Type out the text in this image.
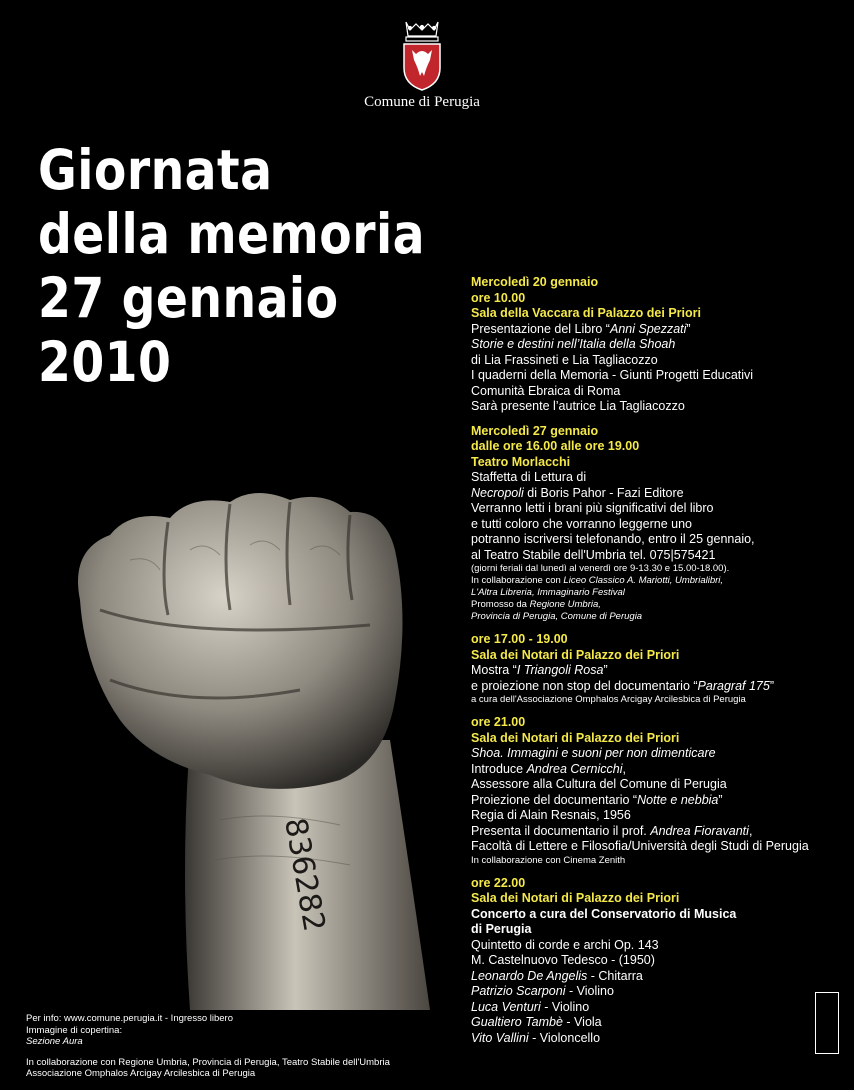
Comune di Perugia
Giornata
della memoria
27 gennaio
2010
836282
Mercoledì 20 gennaio
ore 10.00
Sala della Vaccara di Palazzo dei Priori
Presentazione del Libro “Anni Spezzati”
Storie e destini nell’Italia della Shoah
di Lia Frassineti e Lia Tagliacozzo
I quaderni della Memoria - Giunti Progetti Educativi
Comunità Ebraica di Roma
Sarà presente l’autrice Lia Tagliacozzo
Mercoledì 27 gennaio
dalle ore 16.00 alle ore 19.00
Teatro Morlacchi
Staffetta di Lettura di
Necropoli di Boris Pahor - Fazi Editore
Verranno letti i brani più significativi del libro
e tutti coloro che vorranno leggerne uno
potranno iscriversi telefonando, entro il 25 gennaio,
al Teatro Stabile dell'Umbria tel. 075|575421
(giorni feriali dal lunedì al venerdì ore 9-13.30 e 15.00-18.00).
In collaborazione con Liceo Classico A. Mariotti, Umbrialibri,
L'Altra Libreria, Immaginario Festival
Promosso da Regione Umbria,
Provincia di Perugia, Comune di Perugia
ore 17.00 - 19.00
Sala dei Notari di Palazzo dei Priori
Mostra “I Triangoli Rosa”
e proiezione non stop del documentario “Paragraf 175”
a cura dell'Associazione Omphalos Arcigay Arcilesbica di Perugia
ore 21.00
Sala dei Notari di Palazzo dei Priori
Shoa. Immagini e suoni per non dimenticare
Introduce Andrea Cernicchi,
Assessore alla Cultura del Comune di Perugia
Proiezione del documentario “Notte e nebbia”
Regia di Alain Resnais, 1956
Presenta il documentario il prof. Andrea Fioravanti,
Facoltà di Lettere e Filosofia/Università degli Studi di Perugia
In collaborazione con Cinema Zenith
ore 22.00
Sala dei Notari di Palazzo dei Priori
Concerto a cura del Conservatorio di Musica
di Perugia
Quintetto di corde e archi Op. 143
M. Castelnuovo Tedesco - (1950)
Leonardo De Angelis - Chitarra
Patrizio Scarponi - Violino
Luca Venturi - Violino
Gualtiero Tambè - Viola
Vito Vallini - Violoncello
Per info: www.comune.perugia.it - Ingresso libero
Immagine di copertina:
Sezione Aura
In collaborazione con Regione Umbria, Provincia di Perugia, Teatro Stabile dell'Umbria
Associazione Omphalos Arcigay Arcilesbica di Perugia
